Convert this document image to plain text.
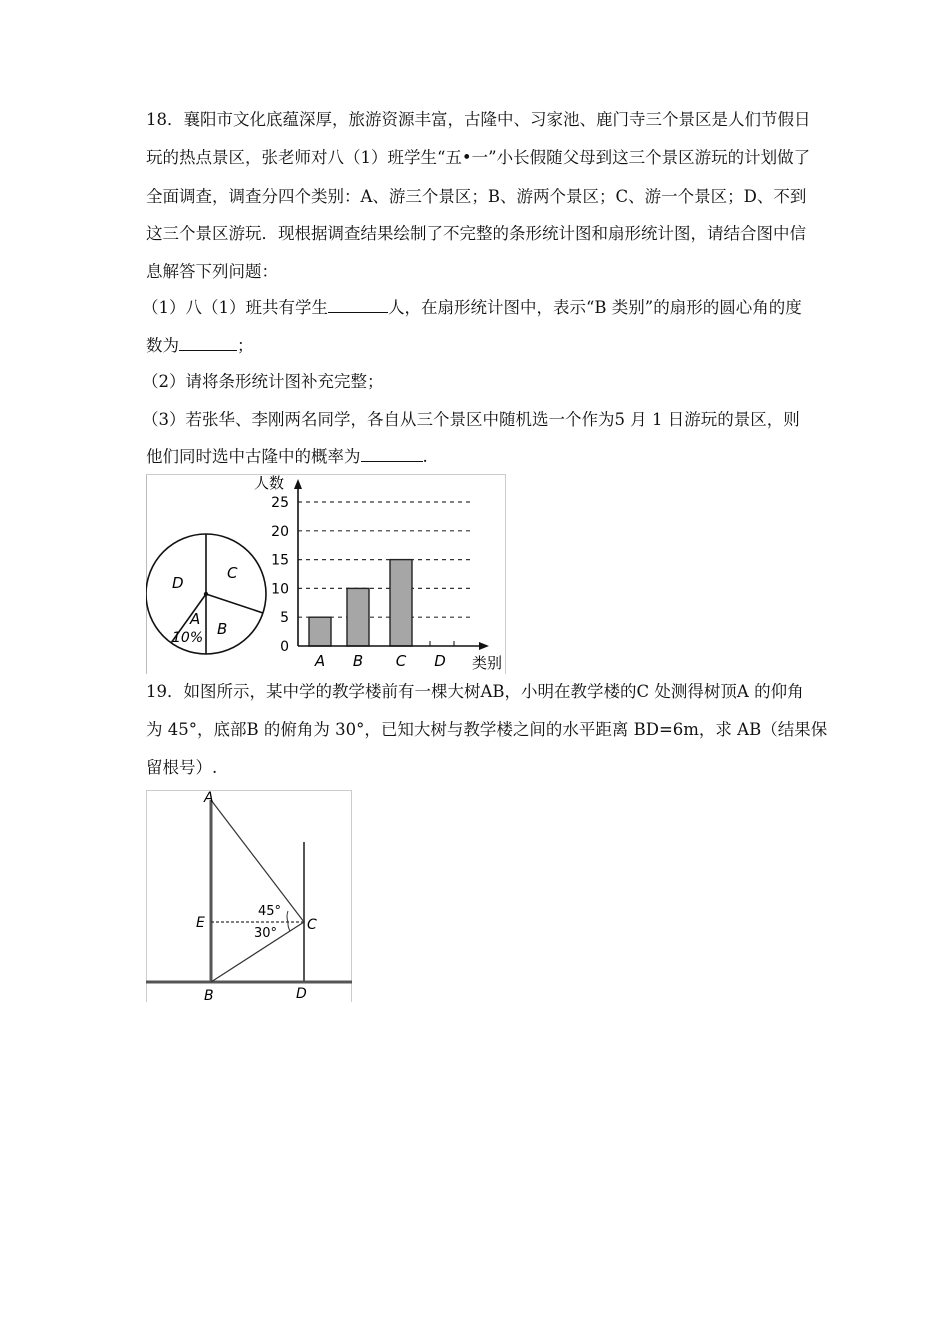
18．襄阳市文化底蕴深厚，旅游资源丰富，古隆中、习家池、鹿门寺三个景区是人们节假日
玩的热点景区，张老师对八（1）班学生“五•一”小长假随父母到这三个景区游玩的计划做了
全面调查，调查分四个类别：A、游三个景区；B、游两个景区；C、游一个景区；D、不到
这三个景区游玩．现根据调查结果绘制了不完整的条形统计图和扇形统计图，请结合图中信
息解答下列问题：
（1）八（1）班共有学生	人，在扇形统计图中，表示“B 类别”的扇形的圆心角的度
数为	；
（2）请将条形统计图补充完整；
（3）若张华、李刚两名同学，各自从三个景区中随机选一个作为5 月 1 日游玩的景区，则
他们同时选中古隆中的概率为	.
C
D
B
A
10%
人数
类别
0
5
10
15
20
25
A B C D
19．如图所示，某中学的教学楼前有一棵大树AB，小明在教学楼的C 处测得树顶A 的仰角
为 45°，底部B 的俯角为 30°，已知大树与教学楼之间的水平距离 BD=6m，求 AB（结果保
留根号）.
A
E	C
B	D
45°
30°
